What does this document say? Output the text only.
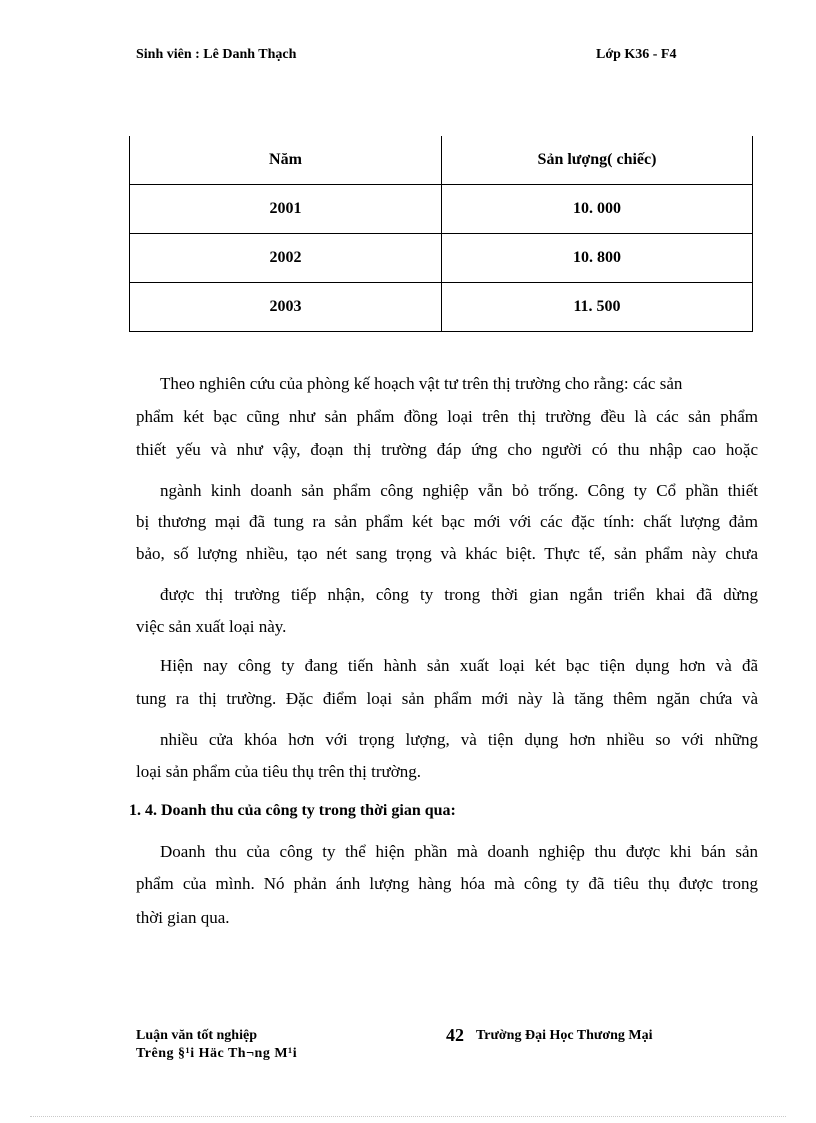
Sinh viên : Lê Danh Thạch	Lớp K36 - F4
Năm	Sản lượng( chiếc)
2001	10. 000
2002	10. 800
2003	11. 500
Theo nghiên cứu của phòng kế hoạch vật tư trên thị trường cho rằng: các sản
phẩm két bạc cũng như sản phẩm đồng loại trên thị trường đều là các sản phẩm
thiết yếu và như vậy, đoạn thị trường đáp ứng cho người có thu nhập cao hoặc
ngành kinh doanh sản phẩm công nghiệp vẫn bỏ trống. Công ty Cổ phần thiết
bị thương mại đã tung ra sản phẩm két bạc mới với các đặc tính: chất lượng đảm
bảo, số lượng nhiều, tạo nét sang trọng và khác biệt. Thực tế, sản phẩm này chưa
được thị trường tiếp nhận, công ty trong thời gian ngắn triển khai đã dừng
việc sản xuất loại này.
Hiện nay công ty đang tiến hành sản xuất loại két bạc tiện dụng hơn và đã
tung ra thị trường. Đặc điểm loại sản phẩm mới này là tăng thêm ngăn chứa và
nhiều cửa khóa hơn với trọng lượng, và tiện dụng hơn nhiều so với những
loại sản phẩm của tiêu thụ trên thị trường.
1. 4. Doanh thu của công ty trong thời gian qua:
Doanh thu của công ty thể hiện phần mà doanh nghiệp thu được khi bán sản
phẩm của mình. Nó phản ánh lượng hàng hóa mà công ty đã tiêu thụ được trong
thời gian qua.
Luận văn tốt nghiệp
Trêng §¹i Häc Th¬ng M¹i
42 Trường Đại Học Thương Mại
